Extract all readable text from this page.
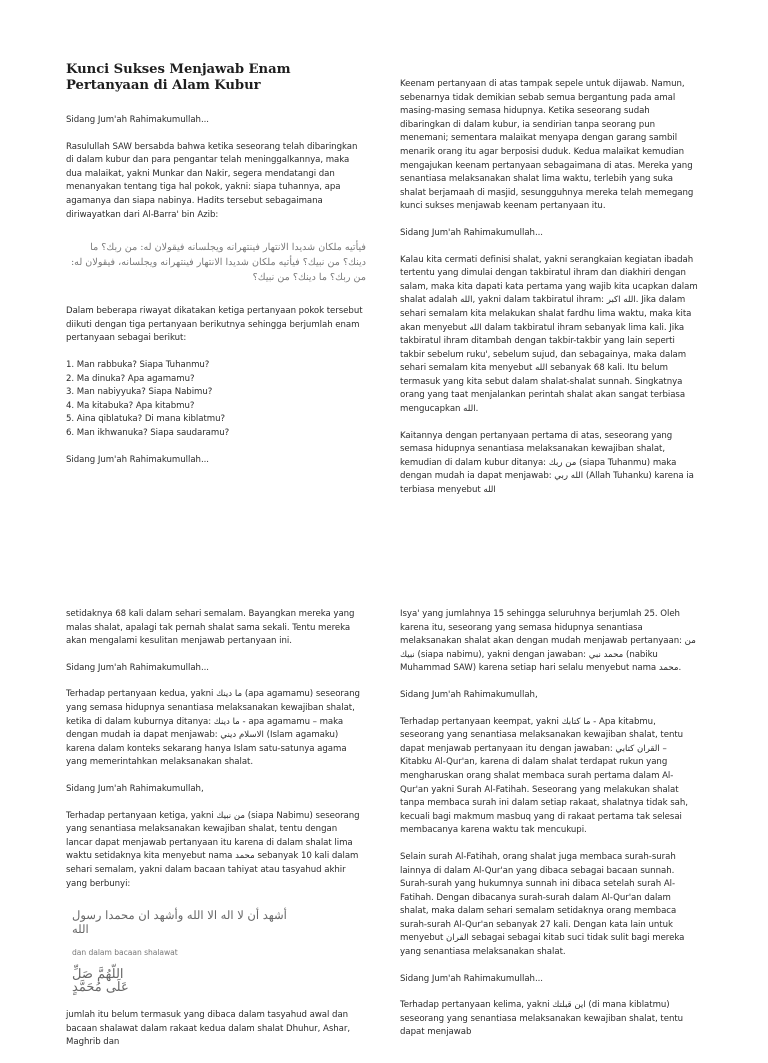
Kunci Sukses Menjawab Enam Pertanyaan di Alam Kubur

Sidang Jum'ah Rahimakumullah...

Rasulullah SAW bersabda bahwa ketika seseorang telah dibaringkan di dalam kubur dan para pengantar telah meninggalkannya, maka dua malaikat, yakni Munkar dan Nakir, segera mendatangi dan menanyakan tentang tiga hal pokok, yakni: siapa tuhannya, apa agamanya dan siapa nabinya. Hadits tersebut sebagaimana diriwayatkan dari Al-Barra' bin Azib:

فيأتيه ملكان شديدا الانتهار فينتهرانه ويجلسانه فيقولان له: من ربك؟ ما دينك؟ من نبيك؟ فيأتيه ملكان شديدا الانتهار فينتهرانه ويجلسانه، فيقولان له: من ربك؟ ما دينك؟ من نبيك؟

Dalam beberapa riwayat dikatakan ketiga pertanyaan pokok tersebut diikuti dengan tiga pertanyaan berikutnya sehingga berjumlah enam pertanyaan sebagai berikut:

1. Man rabbuka? Siapa Tuhanmu?
2. Ma dinuka? Apa agamamu?
3. Man nabiyyuka? Siapa Nabimu?
4. Ma kitabuka? Apa kitabmu?
5. Aina qiblatuka? Di mana kiblatmu?
6. Man ikhwanuka? Siapa saudaramu?

Sidang Jum'ah Rahimakumullah...

Keenam pertanyaan di atas tampak sepele untuk dijawab. Namun, sebenarnya tidak demikian sebab semua bergantung pada amal masing-masing semasa hidupnya. Ketika seseorang sudah dibaringkan di dalam kubur, ia sendirian tanpa seorang pun menemani; sementara malaikat menyapa dengan garang sambil menarik orang itu agar berposisi duduk. Kedua malaikat kemudian mengajukan keenam pertanyaan sebagaimana di atas. Mereka yang senantiasa melaksanakan shalat lima waktu, terlebih yang suka shalat berjamaah di masjid, sesungguhnya mereka telah memegang kunci sukses menjawab keenam pertanyaan itu.

Sidang Jum'ah Rahimakumullah...

Kalau kita cermati definisi shalat, yakni serangkaian kegiatan ibadah tertentu yang dimulai dengan takbiratul ihram dan diakhiri dengan salam, maka kita dapati kata pertama yang wajib kita ucapkan dalam shalat adalah الله, yakni dalam takbiratul ihram: الله اكبر. Jika dalam sehari semalam kita melakukan shalat fardhu lima waktu, maka kita akan menyebut الله dalam takbiratul ihram sebanyak lima kali. Jika takbiratul ihram ditambah dengan takbir-takbir yang lain seperti takbir sebelum ruku', sebelum sujud, dan sebagainya, maka dalam sehari semalam kita menyebut الله sebanyak 68 kali. Itu belum termasuk yang kita sebut dalam shalat-shalat sunnah. Singkatnya orang yang taat menjalankan perintah shalat akan sangat terbiasa mengucapkan الله.

Kaitannya dengan pertanyaan pertama di atas, seseorang yang semasa hidupnya senantiasa melaksanakan kewajiban shalat, kemudian di dalam kubur ditanya: من ربك (siapa Tuhanmu) maka dengan mudah ia dapat menjawab: الله ربي (Allah Tuhanku) karena ia terbiasa menyebut الله

setidaknya 68 kali dalam sehari semalam. Bayangkan mereka yang malas shalat, apalagi tak pernah shalat sama sekali. Tentu mereka akan mengalami kesulitan menjawab pertanyaan ini.

Sidang Jum'ah Rahimakumullah...

Terhadap pertanyaan kedua, yakni ما دينك (apa agamamu) seseorang yang semasa hidupnya senantiasa melaksanakan kewajiban shalat, ketika di dalam kuburnya ditanya: ما دينك - apa agamamu – maka dengan mudah ia dapat menjawab: الاسلام ديني (Islam agamaku) karena dalam konteks sekarang hanya Islam satu-satunya agama yang memerintahkan melaksanakan shalat.

Sidang Jum'ah Rahimakumullah,

Terhadap pertanyaan ketiga, yakni من نبيك (siapa Nabimu) seseorang yang senantiasa melaksanakan kewajiban shalat, tentu dengan lancar dapat menjawab pertanyaan itu karena di dalam shalat lima waktu setidaknya kita menyebut nama محمد sebanyak 10 kali dalam sehari semalam, yakni dalam bacaan tahiyat atau tasyahud akhir yang berbunyi:

أشهد أن لا اله الا الله وأشهد ان محمدا رسول الله
dan dalam bacaan shalawat
اللّهُمَّ صَلِّ عَلَى مُحَمَّدٍ

jumlah itu belum termasuk yang dibaca dalam tasyahud awal dan bacaan shalawat dalam rakaat kedua dalam shalat Dhuhur, Ashar, Maghrib dan

Isya' yang jumlahnya 15 sehingga seluruhnya berjumlah 25. Oleh karena itu, seseorang yang semasa hidupnya senantiasa melaksanakan shalat akan dengan mudah menjawab pertanyaan: من نبيك (siapa nabimu), yakni dengan jawaban: محمد نبي (nabiku Muhammad SAW) karena setiap hari selalu menyebut nama محمد.

Sidang Jum'ah Rahimakumullah,

Terhadap pertanyaan keempat, yakni ما كتابك - Apa kitabmu, seseorang yang senantiasa melaksanakan kewajiban shalat, tentu dapat menjawab pertanyaan itu dengan jawaban: القران كتابي – Kitabku Al-Qur'an, karena di dalam shalat terdapat rukun yang mengharuskan orang shalat membaca surah pertama dalam Al-Qur'an yakni Surah Al-Fatihah. Seseorang yang melakukan shalat tanpa membaca surah ini dalam setiap rakaat, shalatnya tidak sah, kecuali bagi makmum masbuq yang di rakaat pertama tak selesai membacanya karena waktu tak mencukupi.

Selain surah Al-Fatihah, orang shalat juga membaca surah-surah lainnya di dalam Al-Qur'an yang dibaca sebagai bacaan sunnah. Surah-surah yang hukumnya sunnah ini dibaca setelah surah Al-Fatihah. Dengan dibacanya surah-surah dalam Al-Qur'an dalam shalat, maka dalam sehari semalam setidaknya orang membaca surah-surah Al-Qur'an sebanyak 27 kali. Dengan kata lain untuk menyebut القران sebagai sebagai kitab suci tidak sulit bagi mereka yang senantiasa melaksanakan shalat.

Sidang Jum'ah Rahimakumullah...

Terhadap pertanyaan kelima, yakni اين قبلتك (di mana kiblatmu) seseorang yang senantiasa melaksanakan kewajiban shalat, tentu dapat menjawab
